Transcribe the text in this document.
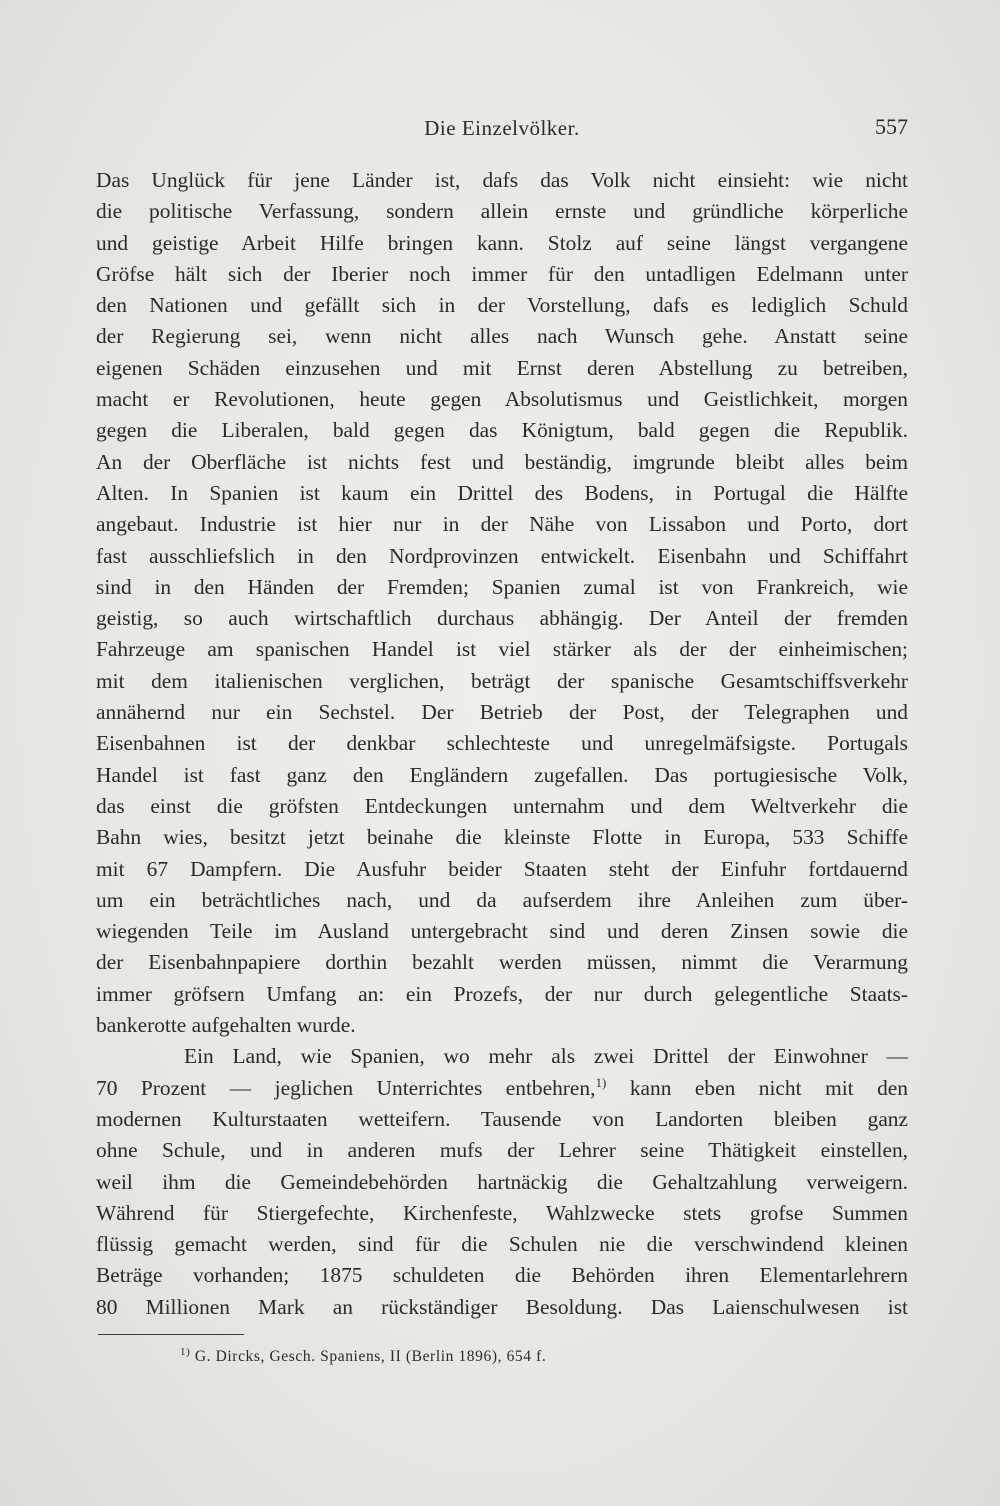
Die Einzelvölker.	557
Das Unglück für jene Länder ist, dafs das Volk nicht einsieht: wie nicht
die politische Verfassung, sondern allein ernste und gründliche körperliche
und geistige Arbeit Hilfe bringen kann. Stolz auf seine längst vergangene
Gröfse hält sich der Iberier noch immer für den untadligen Edelmann unter
den Nationen und gefällt sich in der Vorstellung, dafs es lediglich Schuld
der Regierung sei, wenn nicht alles nach Wunsch gehe. Anstatt seine
eigenen Schäden einzusehen und mit Ernst deren Abstellung zu betreiben,
macht er Revolutionen, heute gegen Absolutismus und Geistlichkeit, morgen
gegen die Liberalen, bald gegen das Königtum, bald gegen die Republik.
An der Oberfläche ist nichts fest und beständig, imgrunde bleibt alles beim
Alten. In Spanien ist kaum ein Drittel des Bodens, in Portugal die Hälfte
angebaut. Industrie ist hier nur in der Nähe von Lissabon und Porto, dort
fast ausschliefslich in den Nordprovinzen entwickelt. Eisenbahn und Schiffahrt
sind in den Händen der Fremden; Spanien zumal ist von Frankreich, wie
geistig, so auch wirtschaftlich durchaus abhängig. Der Anteil der fremden
Fahrzeuge am spanischen Handel ist viel stärker als der der einheimischen;
mit dem italienischen verglichen, beträgt der spanische Gesamtschiffsverkehr
annähernd nur ein Sechstel. Der Betrieb der Post, der Telegraphen und
Eisenbahnen ist der denkbar schlechteste und unregelmäfsigste. Portugals
Handel ist fast ganz den Engländern zugefallen. Das portugiesische Volk,
das einst die gröfsten Entdeckungen unternahm und dem Weltverkehr die
Bahn wies, besitzt jetzt beinahe die kleinste Flotte in Europa, 533 Schiffe
mit 67 Dampfern. Die Ausfuhr beider Staaten steht der Einfuhr fortdauernd
um ein beträchtliches nach, und da aufserdem ihre Anleihen zum über-
wiegenden Teile im Ausland untergebracht sind und deren Zinsen sowie die
der Eisenbahnpapiere dorthin bezahlt werden müssen, nimmt die Verarmung
immer gröfsern Umfang an: ein Prozefs, der nur durch gelegentliche Staats-
bankerotte aufgehalten wurde.
Ein Land, wie Spanien, wo mehr als zwei Drittel der Einwohner —
70 Prozent — jeglichen Unterrichtes entbehren,$^{1)}$ kann eben nicht mit den
modernen Kulturstaaten wetteifern. Tausende von Landorten bleiben ganz
ohne Schule, und in anderen mufs der Lehrer seine Thätigkeit einstellen,
weil ihm die Gemeindebehörden hartnäckig die Gehaltzahlung verweigern.
Während für Stiergefechte, Kirchenfeste, Wahlzwecke stets grofse Summen
flüssig gemacht werden, sind für die Schulen nie die verschwindend kleinen
Beträge vorhanden; 1875 schuldeten die Behörden ihren Elementarlehrern
80 Millionen Mark an rückständiger Besoldung. Das Laienschulwesen ist
$^{1)}$ G. Dircks, Gesch. Spaniens, II (Berlin 1896), 654 f.
